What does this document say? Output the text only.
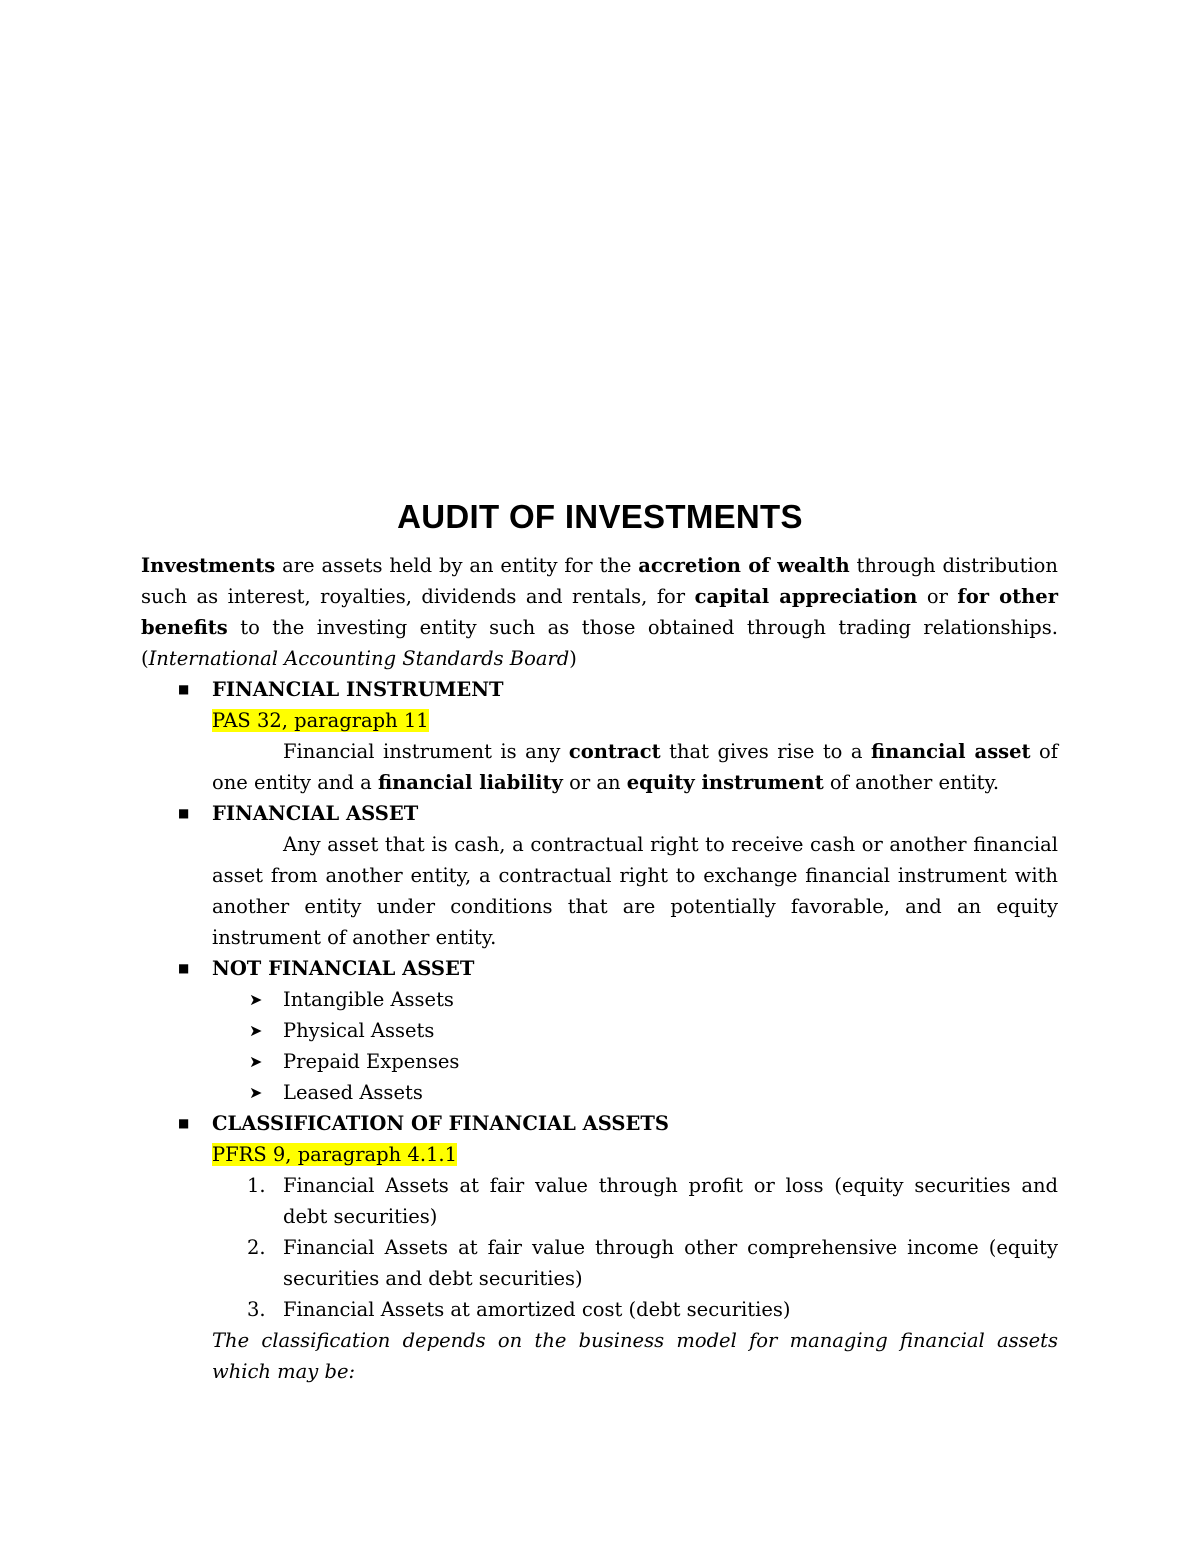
AUDIT OF INVESTMENTS

Investments are assets held by an entity for the accretion of wealth through distribution such as interest, royalties, dividends and rentals, for capital appreciation or for other benefits to the investing entity such as those obtained through trading relationships. (International Accounting Standards Board)

■ FINANCIAL INSTRUMENT

PAS 32, paragraph 11

Financial instrument is any contract that gives rise to a financial asset of one entity and a financial liability or an equity instrument of another entity.

■ FINANCIAL ASSET

Any asset that is cash, a contractual right to receive cash or another financial asset from another entity, a contractual right to exchange financial instrument with another entity under conditions that are potentially favorable, and an equity instrument of another entity.

■ NOT FINANCIAL ASSET

➤ Intangible Assets
➤ Physical Assets
➤ Prepaid Expenses
➤ Leased Assets
■ CLASSIFICATION OF FINANCIAL ASSETS

PFRS 9, paragraph 4.1.1

1. Financial Assets at fair value through profit or loss (equity securities and debt securities)
2. Financial Assets at fair value through other comprehensive income (equity securities and debt securities)
3. Financial Assets at amortized cost (debt securities)

The classification depends on the business model for managing financial assets which may be:
